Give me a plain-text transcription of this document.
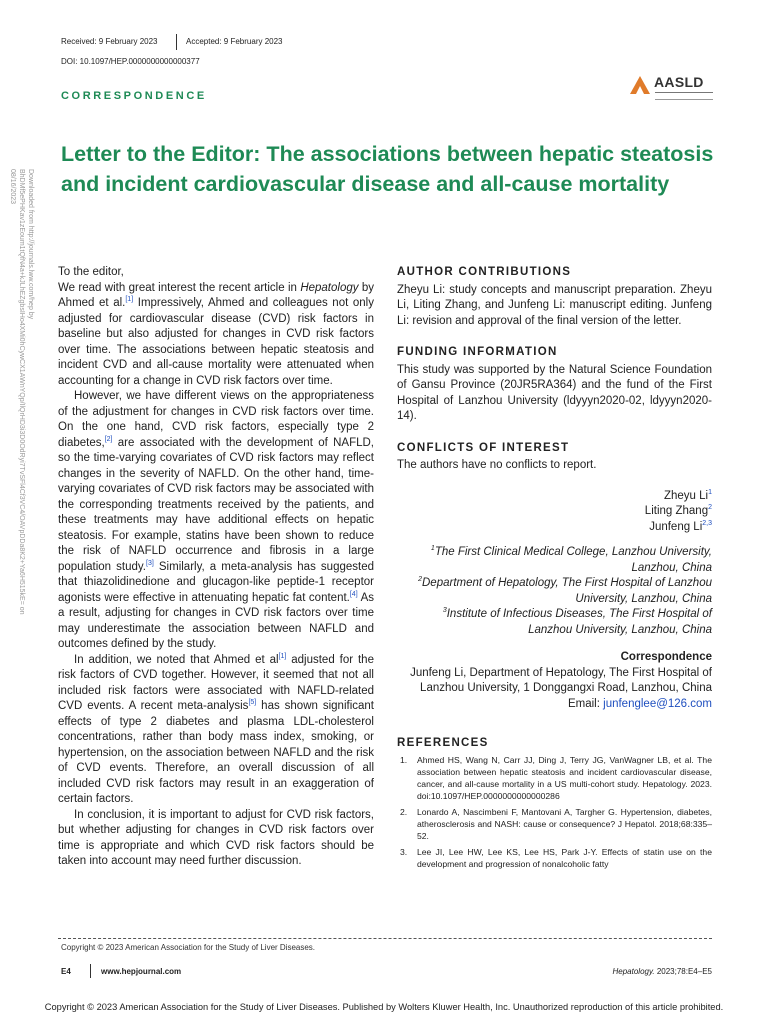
Received: 9 February 2023	Accepted: 9 February 2023
DOI: 10.1097/HEP.0000000000000377
CORRESPONDENCE
AASLD
Letter to the Editor: The associations between hepatic steatosis and incident cardiovascular disease and all-cause mortality
Downloaded from http://journals.lww.com/hep by BhDMf5ePHKav1zEoum1tQfN4a+kJLhEZgbsIHo4XMi0hCywCX1AWnYQp/IlQrHD3i3D0OdRyi7TvSFl4Cf3VC4/OAVpDDa8K2+Ya6H515kE= on 08/16/2023

To the editor,

We read with great interest the recent article in Hepatology by Ahmed et al.[1] Impressively, Ahmed and colleagues not only adjusted for cardiovascular disease (CVD) risk factors in baseline but also adjusted for changes in CVD risk factors over time. The associations between hepatic steatosis and incident CVD and all-cause mortality were attenuated when accounting for a change in CVD risk factors over time.

However, we have different views on the appropriateness of the adjustment for changes in CVD risk factors over time. On the one hand, CVD risk factors, especially type 2 diabetes,[2] are associated with the development of NAFLD, so the time-varying covariates of CVD risk factors may reflect changes in the severity of NAFLD. On the other hand, time-varying covariates of CVD risk factors may be associated with the corresponding treatments received by the patients, and these treatments may have additional effects on hepatic steatosis. For example, statins have been shown to reduce the risk of NAFLD occurrence and fibrosis in a large population study.[3] Similarly, a meta-analysis has suggested that thiazolidinedione and glucagon-like peptide-1 receptor agonists were effective in attenuating hepatic fat content.[4] As a result, adjusting for changes in CVD risk factors over time may underestimate the association between NAFLD and outcomes defined by the study.

In addition, we noted that Ahmed et al[1] adjusted for the risk factors of CVD together. However, it seemed that not all included risk factors were associated with NAFLD-related CVD events. A recent meta-analysis[5] has shown significant effects of type 2 diabetes and plasma LDL-cholesterol concentrations, rather than body mass index, smoking, or hypertension, on the association between NAFLD and the risk of CVD events. Therefore, an overall discussion of all included CVD risk factors may result in an exaggeration of certain factors.

In conclusion, it is important to adjust for CVD risk factors, but whether adjusting for changes in CVD risk factors over time is appropriate and which CVD risk factors should be taken into account may need further discussion.

AUTHOR CONTRIBUTIONS

Zheyu Li: study concepts and manuscript preparation. Zheyu Li, Liting Zhang, and Junfeng Li: manuscript editing. Junfeng Li: revision and approval of the final version of the letter.

FUNDING INFORMATION

This study was supported by the Natural Science Foundation of Gansu Province (20JR5RA364) and the fund of the First Hospital of Lanzhou University (ldyyyn2020-02, ldyyyn2020-14).

CONFLICTS OF INTEREST

The authors have no conflicts to report.

Zheyu Li$^1$
Liting Zhang$^2$
Junfeng Li$^{2,3}$

$^1$The First Clinical Medical College, Lanzhou University, Lanzhou, China

$^2$Department of Hepatology, The First Hospital of Lanzhou University, Lanzhou, China

$^3$Institute of Infectious Diseases, The First Hospital of Lanzhou University, Lanzhou, China

Correspondence

Junfeng Li, Department of Hepatology, The First Hospital of Lanzhou University, 1 Donggangxi Road, Lanzhou, China

Email: junfenglee@126.com

REFERENCES
1. Ahmed HS, Wang N, Carr JJ, Ding J, Terry JG, VanWagner LB, et al. The association between hepatic steatosis and incident cardiovascular disease, cancer, and all-cause mortality in a US multi-cohort study. Hepatology. 2023. doi:10.1097/HEP.0000000000000286
2. Lonardo A, Nascimbeni F, Mantovani A, Targher G. Hypertension, diabetes, atherosclerosis and NASH: cause or consequence? J Hepatol. 2018;68:335–52.
3. Lee JI, Lee HW, Lee KS, Lee HS, Park J-Y. Effects of statin use on the development and progression of nonalcoholic fatty
Copyright © 2023 American Association for the Study of Liver Diseases.
E4	www.hepjournal.com	Hepatology. 2023;78:E4–E5
Copyright © 2023 American Association for the Study of Liver Diseases. Published by Wolters Kluwer Health, Inc. Unauthorized reproduction of this article prohibited.
